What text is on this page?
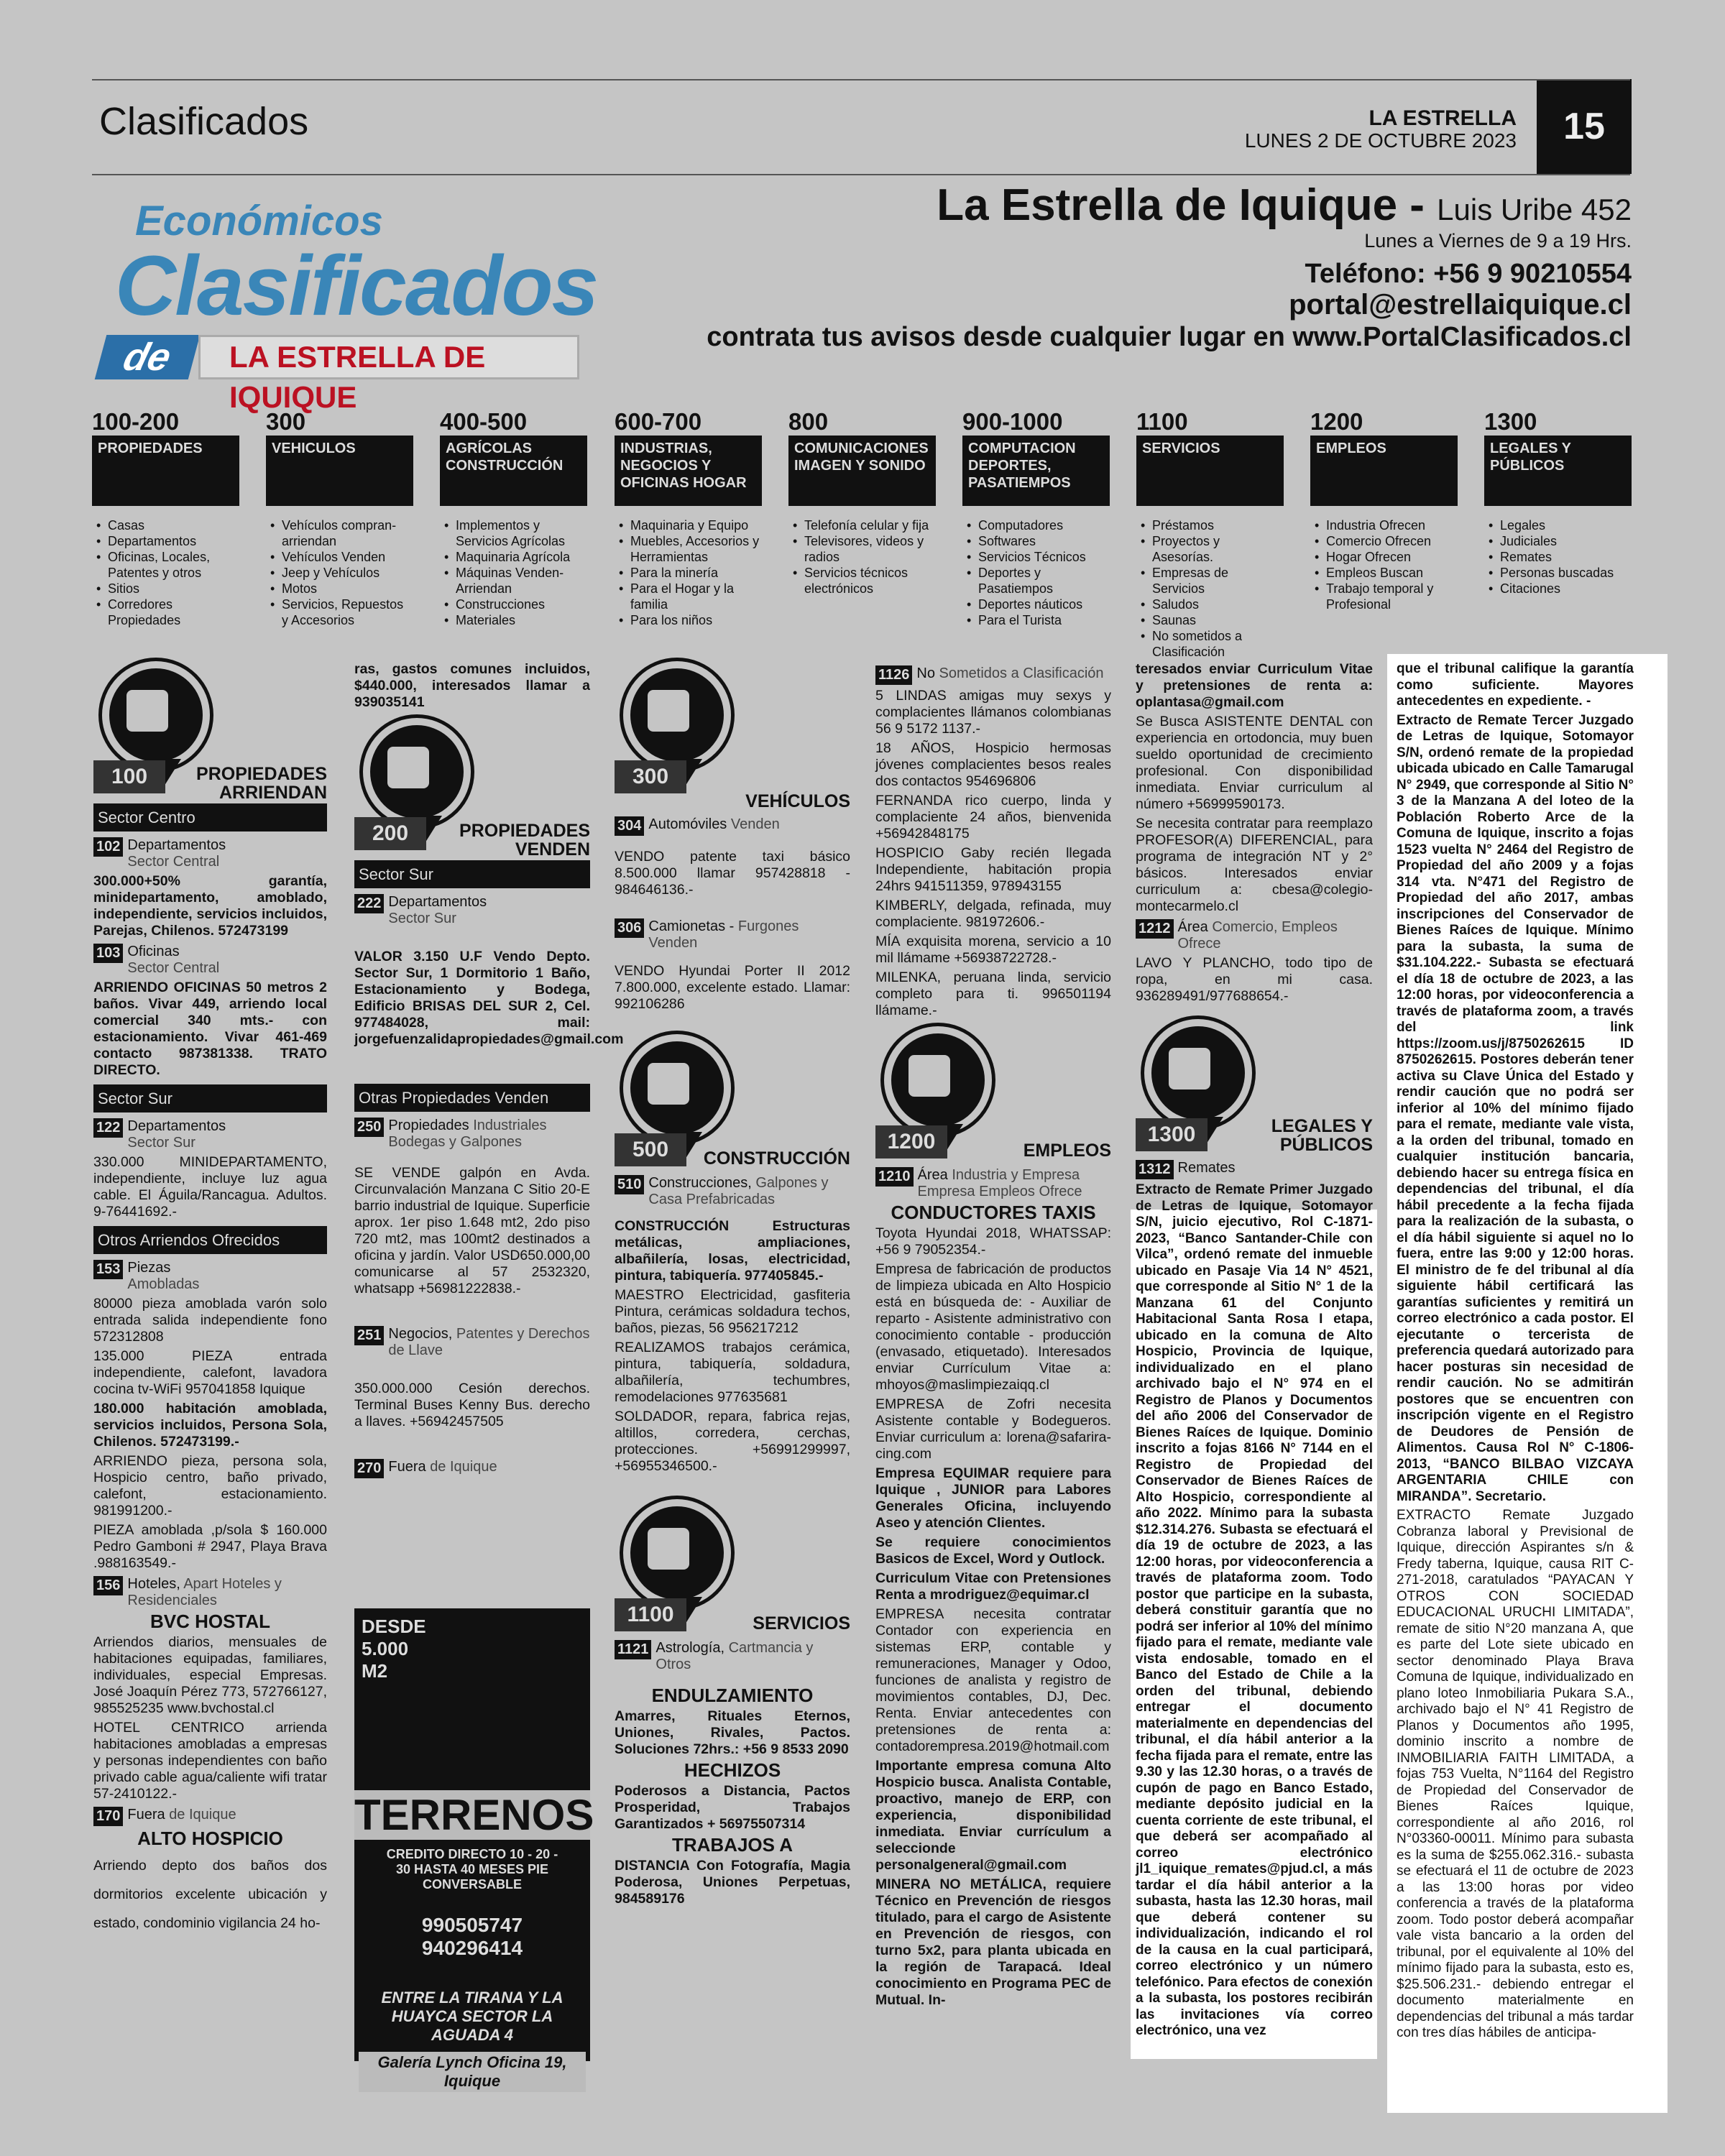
Clasificados	LA ESTRELLA
LUNES 2 DE OCTUBRE 2023	15
Económicos
Clasificados
de	LA ESTRELLA DE IQUIQUE
La Estrella de Iquique - Luis Uribe 452
Lunes a Viernes de 9 a 19 Hrs.
Teléfono: +56 9 90210554
portal@estrellaiquique.cl
contrata tus avisos desde cualquier lugar en www.PortalClasificados.cl
100-200
PROPIEDADES
• Casas
• Departamentos
• Oficinas, Locales, Patentes y otros
• Sitios
• Corredores Propiedades
300
VEHICULOS
• Vehículos compran- arriendan
• Vehículos Venden
• Jeep y Vehículos
• Motos
• Servicios, Repuestos y Accesorios
400-500
AGRÍCOLAS CONSTRUCCIÓN
• Implementos y Servicios Agrícolas
• Maquinaria Agrícola
• Máquinas Venden- Arriendan
• Construcciones
• Materiales
600-700
INDUSTRIAS, NEGOCIOS Y OFICINAS HOGAR
• Maquinaria y Equipo
• Muebles, Accesorios y Herramientas
• Para la minería
• Para el Hogar y la familia
• Para los niños
800
COMUNICACIONES IMAGEN Y SONIDO
• Telefonía celular y fija
• Televisores, videos y radios
• Servicios técnicos electrónicos
900-1000
COMPUTACION DEPORTES, PASATIEMPOS
• Computadores
• Softwares
• Servicios Técnicos
• Deportes y Pasatiempos
• Deportes náuticos
• Para el Turista
1100
SERVICIOS
• Préstamos
• Proyectos y Asesorías.
• Empresas de Servicios
• Saludos
• Saunas
• No sometidos a Clasificación
1200
EMPLEOS
• Industria Ofrecen
• Comercio Ofrecen
• Hogar Ofrecen
• Empleos Buscan
• Trabajo temporal y Profesional
1300
LEGALES Y PÚBLICOS
• Legales
• Judiciales
• Remates
• Personas buscadas
• Citaciones
100	PROPIEDADES ARRIENDAN
Sector Centro
102 Departamentos
Sector Central

300.000+50% garantía, minidepartamento, amoblado, independiente, servicios incluidos, Parejas, Chilenos. 572473199

103 Oficinas
Sector Central

ARRIENDO OFICINAS 50 metros 2 baños. Vivar 449, arriendo local comercial 340 mts.- con estacionamiento. Vivar 461-469 contacto 987381338. TRATO DIRECTO.

Sector Sur
122 Departamentos
Sector Sur

330.000 MINIDEPARTAMENTO, independiente, incluye luz agua cable. El Águila/Rancagua. Adultos. 9-76441692.-

Otros Arriendos Ofrecidos
153 Piezas
Amobladas

80000 pieza amoblada varón solo entrada salida independiente fono 572312808

135.000 PIEZA entrada independiente, calefont, lavadora cocina tv-WiFi 957041858 Iquique

180.000 habitación amoblada, servicios incluidos, Persona Sola, Chilenos. 572473199.-

ARRIENDO pieza, persona sola, Hospicio centro, baño privado, calefont, estacionamiento. 981991200.-

PIEZA amoblada ,p/sola $ 160.000 Pedro Gamboni # 2947, Playa Brava .988163549.-

156 Hoteles, Apart Hoteles y Residenciales
BVC HOSTAL

Arriendos diarios, mensuales de habitaciones equipadas, familiares, individuales, especial Empresas. José Joaquín Pérez 773, 572766127, 985525235 www.bvchostal.cl

HOTEL CENTRICO arrienda habitaciones amobladas a empresas y personas independientes con baño privado cable agua/caliente wifi tratar 57-2410122.-

170 Fuera de Iquique
ALTO HOSPICIO

Arriendo depto dos baños dos dormitorios excelente ubicación y estado, condominio vigilancia 24 ho-

ras, gastos comunes incluidos, $440.000, interesados llamar a 939035141

200	PROPIEDADES VENDEN
Sector Sur
222 Departamentos
Sector Sur

VALOR 3.150 U.F Vendo Depto. Sector Sur, 1 Dormitorio 1 Baño, Estacionamiento y Bodega, Edificio BRISAS DEL SUR 2, Cel. 977484028, mail: jorgefuenzalidapropiedades@gmail.com

Otras Propiedades Venden
250 Propiedades Industriales Bodegas y Galpones

SE VENDE galpón en Avda. Circunvalación Manzana C Sitio 20-E barrio industrial de Iquique. Superficie aprox. 1er piso 1.648 mt2, 2do piso 720 mt2, mas 100mt2 destinados a oficina y jardín. Valor USD650.000,00 comunicarse al 57 2532320, whatsapp +56981222838.-

251 Negocios, Patentes y Derechos de Llave

350.000.000 Cesión derechos. Terminal Buses Kenny Bus. derecho a llaves. +56942457505

270 Fuera de Iquique
DESDE 5.000 M2
TERRENOS
CREDITO DIRECTO 10 - 20 - 30 HASTA 40 MESES PIE CONVERSABLE
990505747
940296414
ENTRE LA TIRANA Y LA HUAYCA SECTOR LA AGUADA 4
Galería Lynch Oficina 19, Iquique
300
VEHÍCULOS
304 Automóviles Venden

VENDO patente taxi básico 8.500.000 llamar 957428818 - 984646136.-

306 Camionetas - Furgones Venden

VENDO Hyundai Porter II 2012 7.800.000, excelente estado. Llamar: 992106286

500	CONSTRUCCIÓN
510 Construcciones, Galpones y Casa Prefabricadas

CONSTRUCCIÓN Estructuras metálicas, ampliaciones, albañilería, losas, electricidad, pintura, tabiquería. 977405845.-

MAESTRO Electricidad, gasfiteria Pintura, cerámicas soldadura techos, baños, piezas, 56 956217212

REALIZAMOS trabajos cerámica, pintura, tabiquería, soldadura, albañilería, techumbres, remodelaciones 977635681

SOLDADOR, repara, fabrica rejas, altillos, corredera, cerchas, protecciones. +56991299997, +56955346500.-

1100	SERVICIOS
1121 Astrología, Cartmancia y Otros
ENDULZAMIENTO

Amarres, Rituales Eternos, Uniones, Rivales, Pactos. Soluciones 72hrs.: +56 9 8533 2090

HECHIZOS

Poderosos a Distancia, Pactos Prosperidad, Trabajos Garantizados + 56975507314

TRABAJOS A

DISTANCIA Con Fotografía, Magia Poderosa, Uniones Perpetuas, 984589176

1126 No Sometidos a Clasificación

5 LINDAS amigas muy sexys y complacientes llámanos colombianas 56 9 5172 1137.-

18 AÑOS, Hospicio hermosas jóvenes complacientes besos reales dos contactos 954696806

FERNANDA rico cuerpo, linda y complaciente 24 años, bienvenida +56942848175

HOSPICIO Gaby recién llegada Independiente, habitación propia 24hrs 941511359, 978943155

KIMBERLY, delgada, refinada, muy complaciente. 981972606.-

MÍA exquisita morena, servicio a 10 mil llámame +56938722728.-

MILENKA, peruana linda, servicio completo para ti. 996501194 llámame.-

1200	EMPLEOS
1210 Área Industria y Empresa Empresa Empleos Ofrece
CONDUCTORES TAXIS

Toyota Hyundai 2018, WHATSSAP: +56 9 79052354.-

Empresa de fabricación de productos de limpieza ubicada en Alto Hospicio está en búsqueda de: - Auxiliar de reparto - Asistente administrativo con conocimiento contable - producción (envasado, etiquetado). Interesados enviar Currículum Vitae a: mhoyos@maslimpiezaiqq.cl

EMPRESA de Zofri necesita Asistente contable y Bodegueros. Enviar curriculum a: lorena@safarira-cing.com

Empresa EQUIMAR requiere para Iquique , JUNIOR para Labores Generales Oficina, incluyendo Aseo y atención Clientes.

Se requiere conocimientos Basicos de Excel, Word y Outlock.

Curriculum Vitae con Pretensiones Renta a mrodriguez@equimar.cl

EMPRESA necesita contratar Contador con experiencia en sistemas ERP, contable y remuneraciones, Manager y Odoo, funciones de analista y registro de movimientos contables, DJ, Dec. Renta. Enviar antecedentes con pretensiones de renta a: contadorempresa.2019@hotmail.com

Importante empresa comuna Alto Hospicio busca. Analista Contable, proactivo, manejo de ERP, con experiencia, disponibilidad inmediata. Enviar currículum a seleccionde personalgeneral@gmail.com

MINERA NO METÁLICA, requiere Técnico en Prevención de riesgos titulado, para el cargo de Asistente en Prevención de riesgos, con turno 5x2, para planta ubicada en la región de Tarapacá. Ideal conocimiento en Programa PEC de Mutual. In-

teresados enviar Curriculum Vitae y pretensiones de renta a: oplantasa@gmail.com

Se Busca ASISTENTE DENTAL con experiencia en ortodoncia, muy buen sueldo oportunidad de crecimiento profesional. Con disponibilidad inmediata. Enviar curriculum al número +56999590173.

Se necesita contratar para reemplazo PROFESOR(A) DIFERENCIAL, para programa de integración NT y 2° básicos. Interesados enviar curriculum a: cbesa@colegio-montecarmelo.cl

1212 Área Comercio, Empleos Ofrece

LAVO Y PLANCHO, todo tipo de ropa, en mi casa. 936289491/977688654.-

1300	LEGALES Y PÚBLICOS
1312 Remates

Extracto de Remate Primer Juzgado de Letras de Iquique, Sotomayor S/N, juicio ejecutivo, Rol C-1871-2023, “Banco Santander-Chile con Vilca”, ordenó remate del inmueble ubicado en Pasaje Via 14 N° 4521, que corresponde al Sitio N° 1 de la Manzana 61 del Conjunto Habitacional Santa Rosa I etapa, ubicado en la comuna de Alto Hospicio, Provincia de Iquique, individualizado en el plano archivado bajo el N° 974 en el Registro de Planos y Documentos del año 2006 del Conservador de Bienes Raíces de Iquique. Dominio inscrito a fojas 8166 N° 7144 en el Registro de Propiedad del Conservador de Bienes Raíces de Alto Hospicio, correspondiente al año 2022. Mínimo para la subasta $12.314.276. Subasta se efectuará el día 19 de octubre de 2023, a las 12:00 horas, por videoconferencia a través de plataforma zoom. Todo postor que participe en la subasta, deberá constituir garantía que no podrá ser inferior al 10% del mínimo fijado para el remate, mediante vale vista endosable, tomado en el Banco del Estado de Chile a la orden del tribunal, debiendo entregar el documento materialmente en dependencias del tribunal, el día hábil anterior a la fecha fijada para el remate, entre las 9.30 y las 12.30 horas, o a través de cupón de pago en Banco Estado, mediante depósito judicial en la cuenta corriente de este tribunal, el que deberá ser acompañado al correo electrónico jl1_iquique_remates@pjud.cl, a más tardar el día hábil anterior a la subasta, hasta las 12.30 horas, mail que deberá contener su individualización, indicando el rol de la causa en la cual participará, correo electrónico y un número telefónico. Para efectos de conexión a la subasta, los postores recibirán las invitaciones vía correo electrónico, una vez

que el tribunal califique la garantía como suficiente. Mayores antecedentes en expediente. -

Extracto de Remate Tercer Juzgado de Letras de Iquique, Sotomayor S/N, ordenó remate de la propiedad ubicada ubicado en Calle Tamarugal N° 2949, que corresponde al Sitio N° 3 de la Manzana A del loteo de la Población Roberto Arce de la Comuna de Iquique, inscrito a fojas 1523 vuelta N° 2464 del Registro de Propiedad del año 2009 y a fojas 314 vta. N°471 del Registro de Propiedad del año 2017, ambas inscripciones del Conservador de Bienes Raíces de Iquique. Mínimo para la subasta, la suma de $31.104.222.- Subasta se efectuará el día 18 de octubre de 2023, a las 12:00 horas, por videoconferencia a través de plataforma zoom, a través del link https://zoom.us/j/8750262615 ID 8750262615. Postores deberán tener activa su Clave Única del Estado y rendir caución que no podrá ser inferior al 10% del mínimo fijado para el remate, mediante vale vista, a la orden del tribunal, tomado en cualquier institución bancaria, debiendo hacer su entrega física en dependencias del tribunal, el día hábil precedente a la fecha fijada para la realización de la subasta, o el día hábil siguiente si aquel no lo fuera, entre las 9:00 y 12:00 horas. El ministro de fe del tribunal al día siguiente hábil certificará las garantías suficientes y remitirá un correo electrónico a cada postor. El ejecutante o tercerista de preferencia quedará autorizado para hacer posturas sin necesidad de rendir caución. No se admitirán postores que se encuentren con inscripción vigente en el Registro de Deudores de Pensión de Alimentos. Causa Rol N° C-1806-2013, “BANCO BILBAO VIZCAYA ARGENTARIA CHILE con MIRANDA”. Secretario.

EXTRACTO Remate Juzgado Cobranza laboral y Previsional de Iquique, dirección Aspirantes s/n & Fredy taberna, Iquique, causa RIT C-271-2018, caratulados “PAYACAN Y OTROS CON SOCIEDAD EDUCACIONAL URUCHI LIMITADA”, remate de sitio N°20 manzana A, que es parte del Lote siete ubicado en sector denominado Playa Brava Comuna de Iquique, individualizado en plano loteo Inmobiliaria Pukara S.A., archivado bajo el N° 41 Registro de Planos y Documentos año 1995, dominio inscrito a nombre de INMOBILIARIA FAITH LIMITADA, a fojas 753 Vuelta, N°1164 del Registro de Propiedad del Conservador de Bienes Raíces Iquique, correspondiente al año 2016, rol N°03360-00011. Mínimo para subasta es la suma de $255.062.316.- subasta se efectuará el 11 de octubre de 2023 a las 13:00 horas por video conferencia a través de la plataforma zoom. Todo postor deberá acompañar vale vista bancario a la orden del tribunal, por el equivalente al 10% del mínimo fijado para la subasta, esto es, $25.506.231.- debiendo entregar el documento materialmente en dependencias del tribunal a más tardar con tres días hábiles de anticipa-
